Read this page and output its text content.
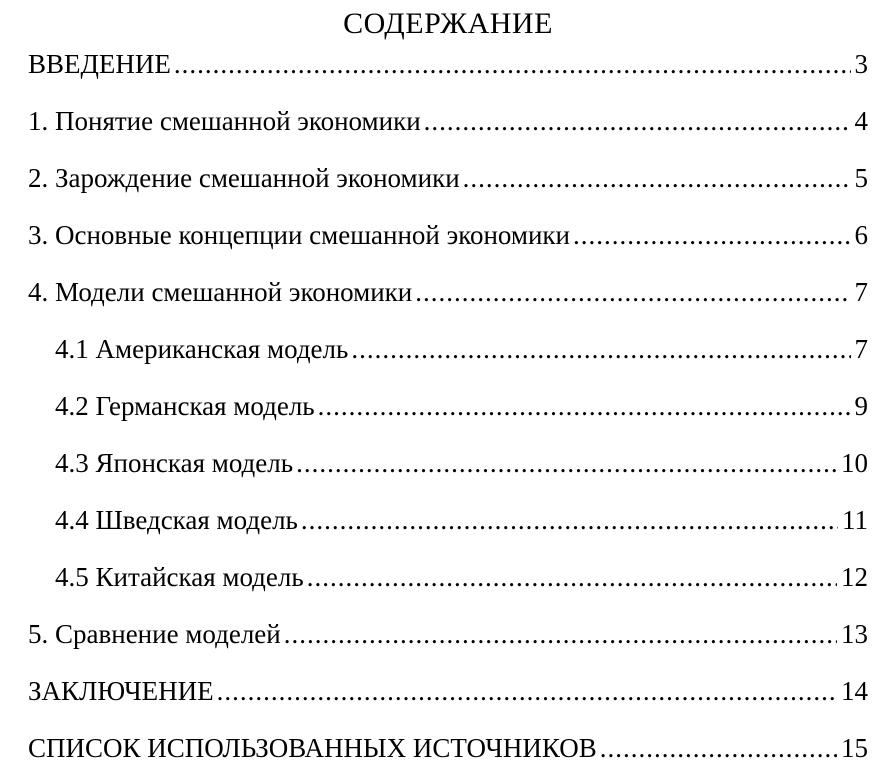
СОДЕРЖАНИЕ
ВВЕДЕНИЕ .....	3
1. Понятие смешанной экономики .....	4
2. Зарождение смешанной экономики .....	5
3. Основные концепции смешанной экономики .....	6
4. Модели смешанной экономики .....	7
4.1 Американская модель .....	7
4.2 Германская модель .....	9
4.3 Японская модель .....	10
4.4 Шведская модель .....	11
4.5 Китайская модель .....	12
5. Сравнение моделей .....	13
ЗАКЛЮЧЕНИЕ .....	14
СПИСОК ИСПОЛЬЗОВАННЫХ ИСТОЧНИКОВ .....	15
